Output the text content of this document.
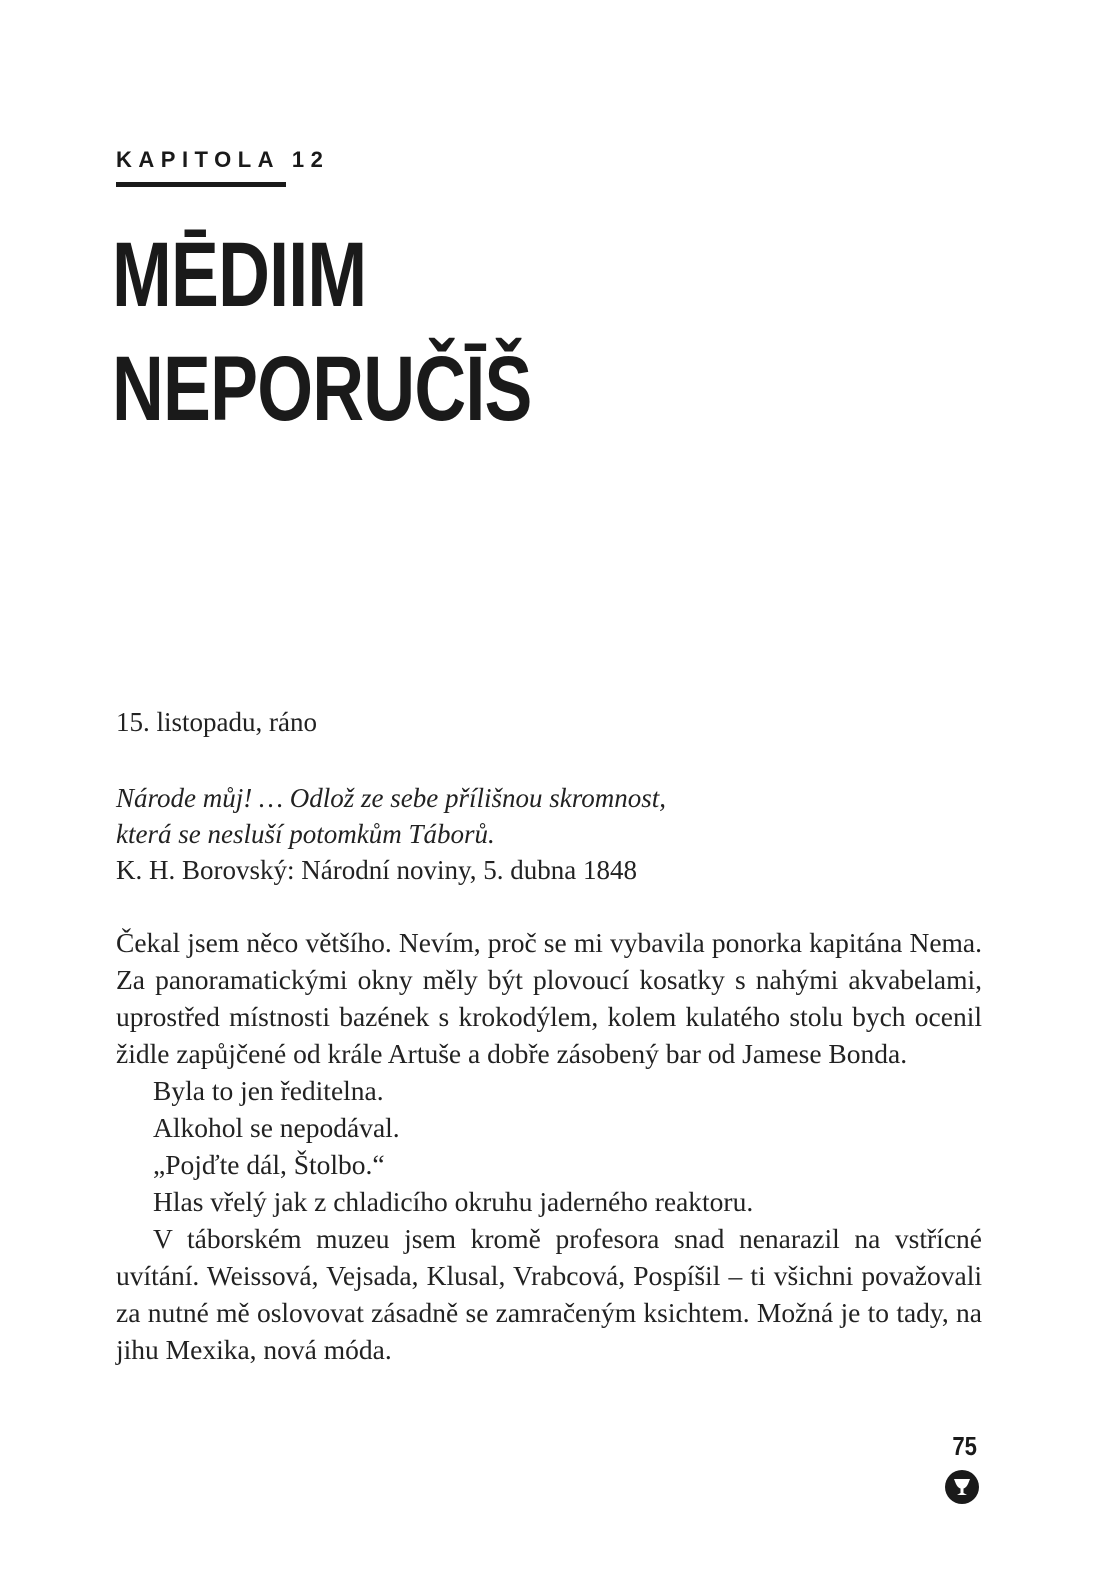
KAPITOLA 12
MĒDIIM
NEPORUČĪŠ
15. listopadu, ráno
Národe můj! … Odlož ze sebe přílišnou skromnost,
která se nesluší potomkům Táborů.
K. H. Borovský: Národní noviny, 5. dubna 1848

Čekal jsem něco většího. Nevím, proč se mi vybavila ponorka kapitána Nema. Za panoramatickými okny měly být plovoucí kosatky s nahými akvabelami, uprostřed místnosti bazének s krokodýlem, kolem kulatého stolu bych ocenil židle zapůjčené od krále Artuše a dobře zásobený bar od Jamese Bonda.

Byla to jen ředitelna.

Alkohol se nepodával.

„Pojďte dál, Štolbo.“

Hlas vřelý jak z chladicího okruhu jaderného reaktoru.

V táborském muzeu jsem kromě profesora snad nenarazil na vstřícné uvítání. Weissová, Vejsada, Klusal, Vrabcová, Pospíšil – ti všichni považovali za nutné mě oslovovat zásadně se zamračeným ksichtem. Možná je to tady, na jihu Mexika, nová móda.

75
